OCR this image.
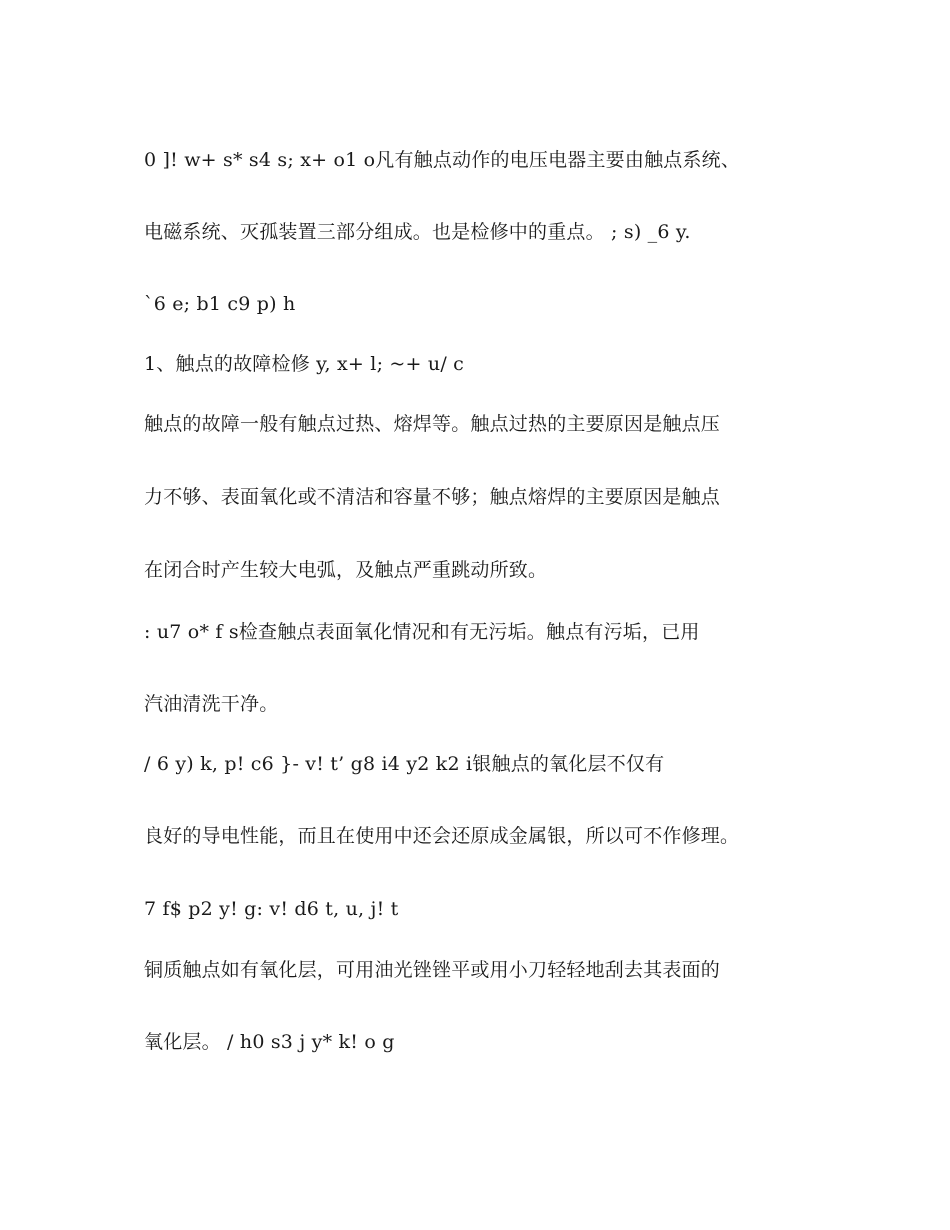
0 ]! w+ s* s4 s; x+ o1 o凡有触点动作的电压电器主要由触点系统、
电磁系统、灭孤装置三部分组成。也是检修中的重点。 ; s) _6 y.
`6 e; b1 c9 p) h
1、触点的故障检修 y, x+ l; ~+ u/ c
触点的故障一般有触点过热、熔焊等。触点过热的主要原因是触点压
力不够、表面氧化或不清洁和容量不够；触点熔焊的主要原因是触点
在闭合时产生较大电弧，及触点严重跳动所致。
: u7 o* f s检查触点表面氧化情况和有无污垢。触点有污垢，已用
汽油清洗干净。
/ 6 y) k, p! c6 }- v! t’ g8 i4 y2 k2 i银触点的氧化层不仅有
良好的导电性能，而且在使用中还会还原成金属银，所以可不作修理。
7 f$ p2 y! g: v! d6 t, u, j! t
铜质触点如有氧化层，可用油光锉锉平或用小刀轻轻地刮去其表面的
氧化层。 / h0 s3 j y* k! o g
